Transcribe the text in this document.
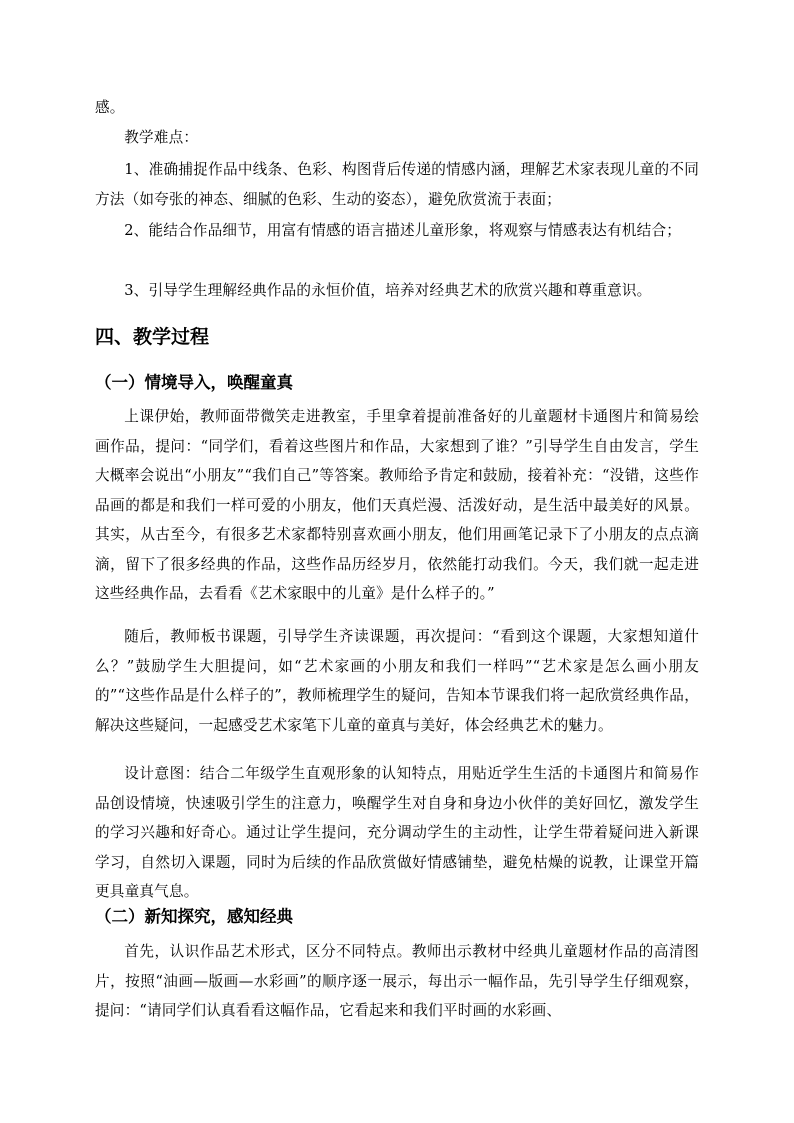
感。

教学难点：

1、准确捕捉作品中线条、色彩、构图背后传递的情感内涵，理解艺术家表现儿童的不同方法（如夸张的神态、细腻的色彩、生动的姿态），避免欣赏流于表面；

2、能结合作品细节，用富有情感的语言描述儿童形象，将观察与情感表达有机结合；

3、引导学生理解经典作品的永恒价值，培养对经典艺术的欣赏兴趣和尊重意识。

四、教学过程
（一）情境导入，唤醒童真

上课伊始，教师面带微笑走进教室，手里拿着提前准备好的儿童题材卡通图片和简易绘画作品，提问：“同学们，看着这些图片和作品，大家想到了谁？”引导学生自由发言，学生大概率会说出“小朋友”“我们自己”等答案。教师给予肯定和鼓励，接着补充：“没错，这些作品画的都是和我们一样可爱的小朋友，他们天真烂漫、活泼好动，是生活中最美好的风景。其实，从古至今，有很多艺术家都特别喜欢画小朋友，他们用画笔记录下了小朋友的点点滴滴，留下了很多经典的作品，这些作品历经岁月，依然能打动我们。今天，我们就一起走进这些经典作品，去看看《艺术家眼中的儿童》是什么样子的。”

随后，教师板书课题，引导学生齐读课题，再次提问：“看到这个课题，大家想知道什么？”鼓励学生大胆提问，如“艺术家画的小朋友和我们一样吗”“艺术家是怎么画小朋友的”“这些作品是什么样子的”，教师梳理学生的疑问，告知本节课我们将一起欣赏经典作品，解决这些疑问，一起感受艺术家笔下儿童的童真与美好，体会经典艺术的魅力。

设计意图：结合二年级学生直观形象的认知特点，用贴近学生生活的卡通图片和简易作品创设情境，快速吸引学生的注意力，唤醒学生对自身和身边小伙伴的美好回忆，激发学生的学习兴趣和好奇心。通过让学生提问，充分调动学生的主动性，让学生带着疑问进入新课学习，自然切入课题，同时为后续的作品欣赏做好情感铺垫，避免枯燥的说教，让课堂开篇更具童真气息。

（二）新知探究，感知经典

首先，认识作品艺术形式，区分不同特点。教师出示教材中经典儿童题材作品的高清图片，按照“油画—版画—水彩画”的顺序逐一展示，每出示一幅作品，先引导学生仔细观察，提问：“请同学们认真看看这幅作品，它看起来和我们平时画的水彩画、
